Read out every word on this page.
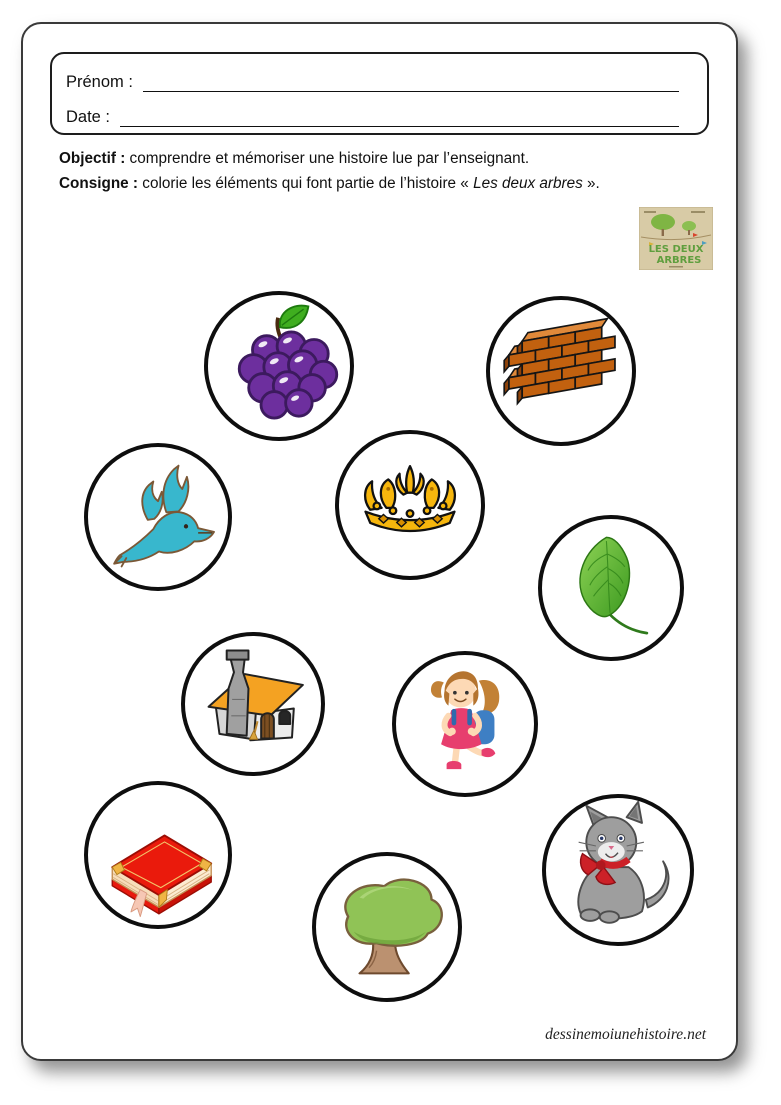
Prénom :
Date :
Objectif : comprendre et mémoriser une histoire lue par l’enseignant.
Consigne : colorie les éléments qui font partie de l’histoire « Les deux arbres ».
LES DEUX
ARBRES
dessinemoiunehistoire.net
